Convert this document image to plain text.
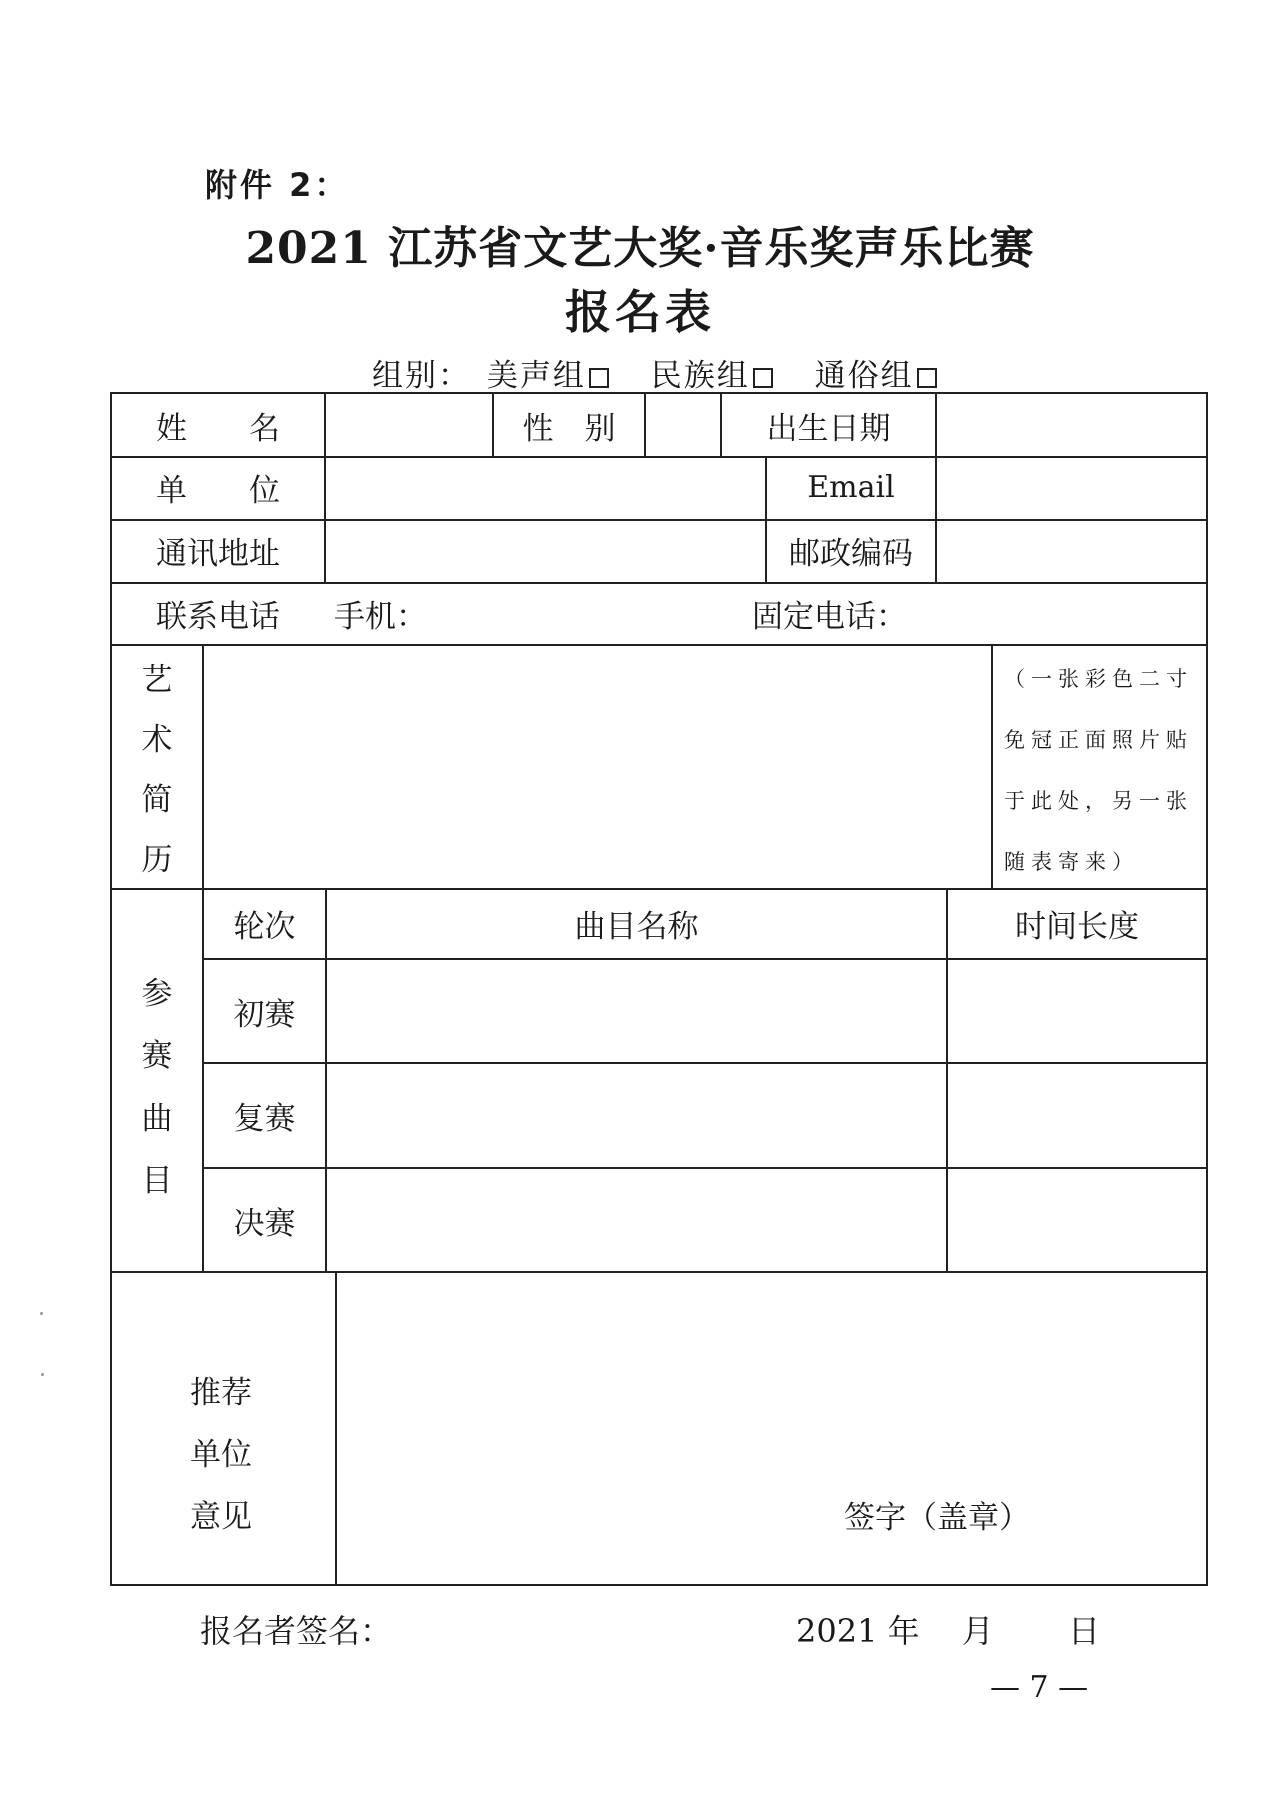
附件 2：
2021 江苏省文艺大奖·音乐奖声乐比赛
报名表
组别： 美声组 民族组 通俗组
姓　　名	性　别	出生日期
单　　位	Email
通讯地址	邮政编码
联系电话	手机：	固定电话：
艺
术
简
历
（一张彩色二寸免冠正面照片贴于此处，另一张随表寄来）
参
赛
曲
目
轮次	曲目名称	时间长度
初赛
复赛
决赛
推荐
单位
意见	签字（盖章）
报名者签名：	2021 年　 月　　 日
— 7 —
